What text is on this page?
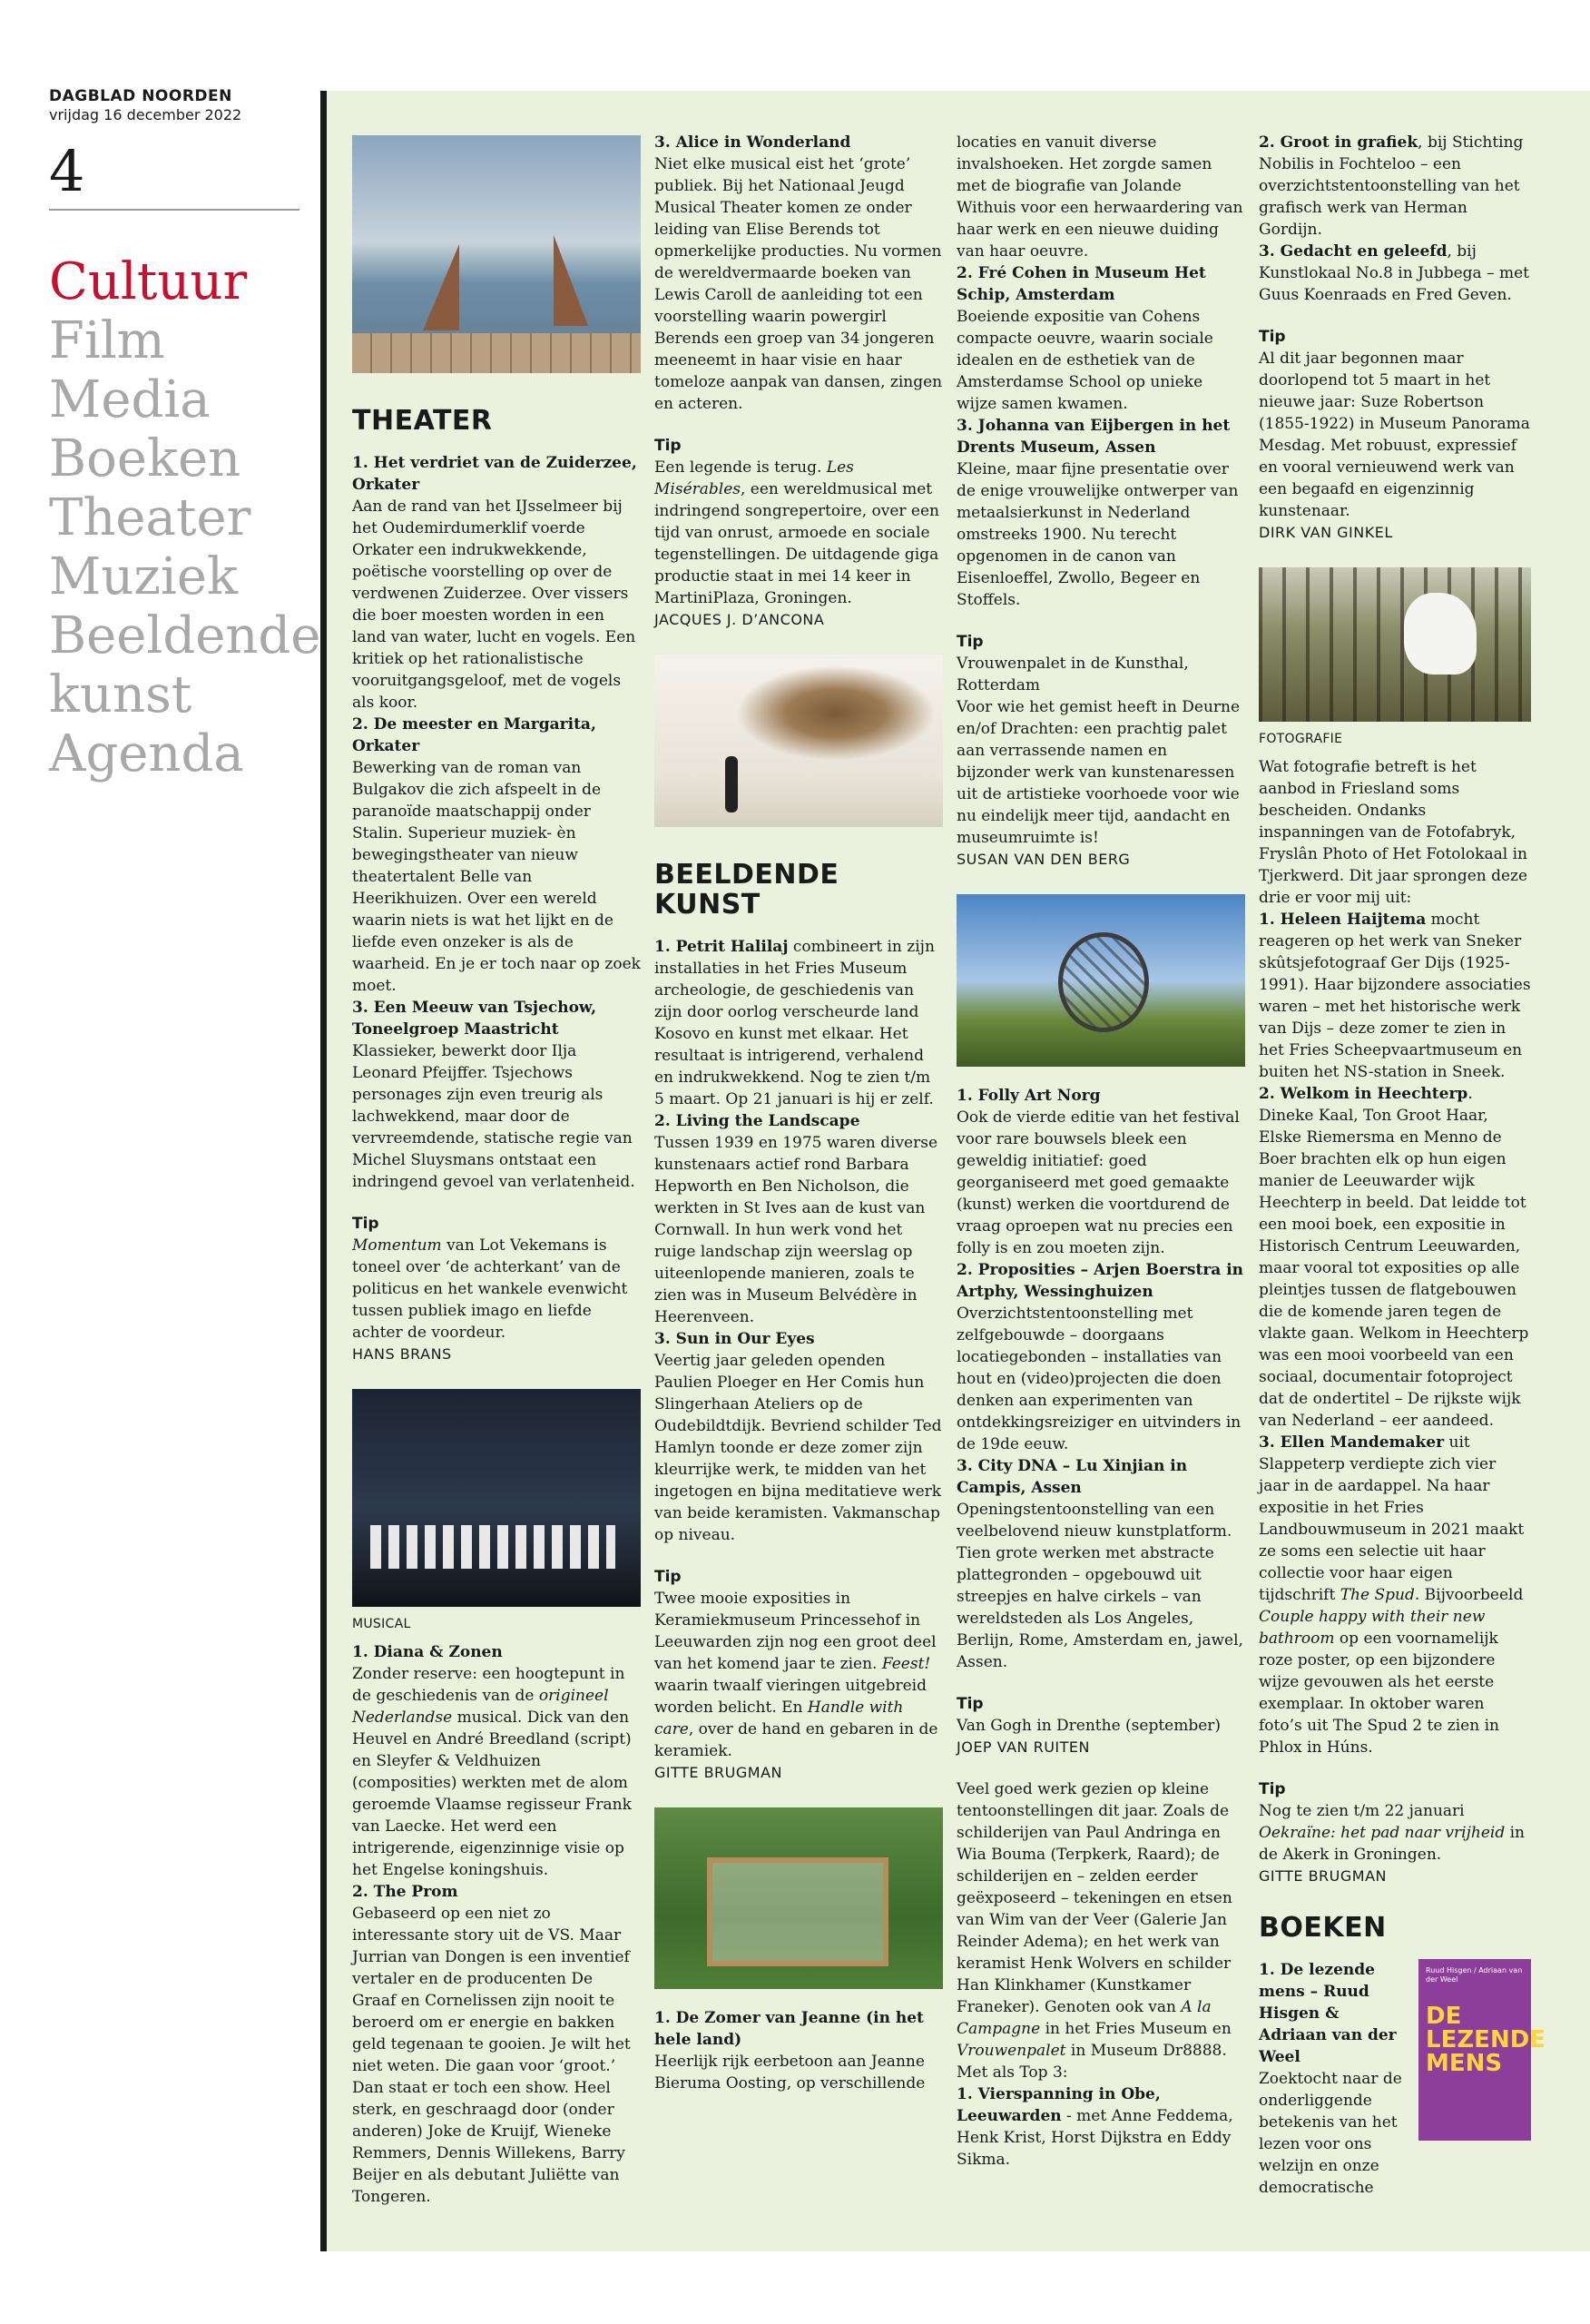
DAGBLAD NOORDEN
vrijdag 16 december 2022
4
Cultuur
Film
Media
Boeken
Theater
Muziek
Beeldende
kunst
Agenda
THEATER

1. Het verdriet van de Zuiderzee, Orkater

Aan de rand van het IJsselmeer bij het Oudemirdumerklif voerde Orkater een indrukwekkende, poëtische voorstelling op over de verdwenen Zuiderzee. Over vissers die boer moesten worden in een land van water, lucht en vogels. Een kritiek op het rationalistische vooruitgangsgeloof, met de vogels als koor.

2. De meester en Margarita, Orkater

Bewerking van de roman van Bulgakov die zich afspeelt in de paranoïde maatschappij onder Stalin. Superieur muziek- èn bewegingstheater van nieuw theatertalent Belle van Heerikhuizen. Over een wereld waarin niets is wat het lijkt en de liefde even onzeker is als de waarheid. En je er toch naar op zoek moet.

3. Een Meeuw van Tsjechow, Toneelgroep Maastricht

Klassieker, bewerkt door Ilja Leonard Pfeijffer. Tsjechows personages zijn even treurig als lachwekkend, maar door de vervreemdende, statische regie van Michel Sluysmans ontstaat een indringend gevoel van verlatenheid.

Tip

Momentum van Lot Vekemans is toneel over ‘de achterkant’ van de politicus en het wankele evenwicht tussen publiek imago en liefde achter de voordeur.

HANS BRANS

MUSICAL

1. Diana & Zonen

Zonder reserve: een hoogtepunt in de geschiedenis van de origineel Nederlandse musical. Dick van den Heuvel en André Breedland (script) en Sleyfer & Veldhuizen (composities) werkten met de alom geroemde Vlaamse regisseur Frank van Laecke. Het werd een intrigerende, eigenzinnige visie op het Engelse koningshuis.

2. The Prom

Gebaseerd op een niet zo interessante story uit de VS. Maar Jurrian van Dongen is een inventief vertaler en de producenten De Graaf en Cornelissen zijn nooit te beroerd om er energie en bakken geld tegenaan te gooien. Je wilt het niet weten. Die gaan voor ‘groot.’ Dan staat er toch een show. Heel sterk, en geschraagd door (onder anderen) Joke de Kruijf, Wieneke Remmers, Dennis Willekens, Barry Beijer en als debutant Juliëtte van Tongeren.

3. Alice in Wonderland

Niet elke musical eist het ‘grote’ publiek. Bij het Nationaal Jeugd Musical Theater komen ze onder leiding van Elise Berends tot opmerkelijke producties. Nu vormen de wereldvermaarde boeken van Lewis Caroll de aanleiding tot een voorstelling waarin powergirl Berends een groep van 34 jongeren meeneemt in haar visie en haar tomeloze aanpak van dansen, zingen en acteren.

Tip

Een legende is terug. Les Misérables, een wereldmusical met indringend songrepertoire, over een tijd van onrust, armoede en sociale tegenstellingen. De uitdagende giga productie staat in mei 14 keer in MartiniPlaza, Groningen.

JACQUES J. D’ANCONA

BEELDENDE KUNST

1. Petrit Halilaj combineert in zijn installaties in het Fries Museum archeologie, de geschiedenis van zijn door oorlog verscheurde land Kosovo en kunst met elkaar. Het resultaat is intrigerend, verhalend en indrukwekkend. Nog te zien t/m 5 maart. Op 21 januari is hij er zelf.

2. Living the Landscape

Tussen 1939 en 1975 waren diverse kunstenaars actief rond Barbara Hepworth en Ben Nicholson, die werkten in St Ives aan de kust van Cornwall. In hun werk vond het ruige landschap zijn weerslag op uiteenlopende manieren, zoals te zien was in Museum Belvédère in Heerenveen.

3. Sun in Our Eyes

Veertig jaar geleden openden Paulien Ploeger en Her Comis hun Slingerhaan Ateliers op de Oudebildtdijk. Bevriend schilder Ted Hamlyn toonde er deze zomer zijn kleurrijke werk, te midden van het ingetogen en bijna meditatieve werk van beide keramisten. Vakmanschap op niveau.

Tip

Twee mooie exposities in Keramiekmuseum Princessehof in Leeuwarden zijn nog een groot deel van het komend jaar te zien. Feest! waarin twaalf vieringen uitgebreid worden belicht. En Handle with care, over de hand en gebaren in de keramiek.

GITTE BRUGMAN

1. De Zomer van Jeanne (in het hele land)

Heerlijk rijk eerbetoon aan Jeanne Bieruma Oosting, op verschillende

locaties en vanuit diverse invalshoeken. Het zorgde samen met de biografie van Jolande Withuis voor een herwaardering van haar werk en een nieuwe duiding van haar oeuvre.

2. Fré Cohen in Museum Het Schip, Amsterdam

Boeiende expositie van Cohens compacte oeuvre, waarin sociale idealen en de esthetiek van de Amsterdamse School op unieke wijze samen kwamen.

3. Johanna van Eijbergen in het Drents Museum, Assen

Kleine, maar fijne presentatie over de enige vrouwelijke ontwerper van metaalsierkunst in Nederland omstreeks 1900. Nu terecht opgenomen in de canon van Eisenloeffel, Zwollo, Begeer en Stoffels.

Tip

Vrouwenpalet in de Kunsthal, Rotterdam
Voor wie het gemist heeft in Deurne en/of Drachten: een prachtig palet aan verrassende namen en bijzonder werk van kunstenaressen uit de artistieke voorhoede voor wie nu eindelijk meer tijd, aandacht en museumruimte is!

SUSAN VAN DEN BERG

1. Folly Art Norg

Ook de vierde editie van het festival voor rare bouwsels bleek een geweldig initiatief: goed georganiseerd met goed gemaakte (kunst) werken die voortdurend de vraag oproepen wat nu precies een folly is en zou moeten zijn.

2. Proposities – Arjen Boerstra in Artphy, Wessinghuizen

Overzichtstentoonstelling met zelfgebouwde – doorgaans locatiegebonden – installaties van hout en (video)projecten die doen denken aan experimenten van ontdekkingsreiziger en uitvinders in de 19de eeuw.

3. City DNA – Lu Xinjian in Campis, Assen

Openingstentoonstelling van een veelbelovend nieuw kunstplatform. Tien grote werken met abstracte plattegronden – opgebouwd uit streepjes en halve cirkels – van wereldsteden als Los Angeles, Berlijn, Rome, Amsterdam en, jawel, Assen.

Tip

Van Gogh in Drenthe (september)

JOEP VAN RUITEN

Veel goed werk gezien op kleine tentoonstellingen dit jaar. Zoals de schilderijen van Paul Andringa en Wia Bouma (Terpkerk, Raard); de schilderijen en – zelden eerder geëxposeerd – tekeningen en etsen van Wim van der Veer (Galerie Jan Reinder Adema); en het werk van keramist Henk Wolvers en schilder Han Klinkhamer (Kunstkamer Franeker). Genoten ook van A la Campagne in het Fries Museum en Vrouwenpalet in Museum Dr8888. Met als Top 3:

1. Vierspanning in Obe, Leeuwarden - met Anne Feddema, Henk Krist, Horst Dijkstra en Eddy Sikma.

2. Groot in grafiek, bij Stichting Nobilis in Fochteloo – een overzichtstentoonstelling van het grafisch werk van Herman Gordijn.

3. Gedacht en geleefd, bij Kunstlokaal No.8 in Jubbega – met Guus Koenraads en Fred Geven.

Tip

Al dit jaar begonnen maar doorlopend tot 5 maart in het nieuwe jaar: Suze Robertson (1855-1922) in Museum Panorama Mesdag. Met robuust, expressief en vooral vernieuwend werk van een begaafd en eigenzinnig kunstenaar.

DIRK VAN GINKEL

FOTOGRAFIE

Wat fotografie betreft is het aanbod in Friesland soms bescheiden. Ondanks inspanningen van de Fotofabryk, Fryslân Photo of Het Fotolokaal in Tjerkwerd. Dit jaar sprongen deze drie er voor mij uit:

1. Heleen Haijtema mocht reageren op het werk van Sneker skûtsjefotograaf Ger Dijs (1925-1991). Haar bijzondere associaties waren – met het historische werk van Dijs – deze zomer te zien in het Fries Scheepvaartmuseum en buiten het NS-station in Sneek.

2. Welkom in Heechterp. Dineke Kaal, Ton Groot Haar, Elske Riemersma en Menno de Boer brachten elk op hun eigen manier de Leeuwarder wijk Heechterp in beeld. Dat leidde tot een mooi boek, een expositie in Historisch Centrum Leeuwarden, maar vooral tot exposities op alle pleintjes tussen de flatgebouwen die de komende jaren tegen de vlakte gaan. Welkom in Heechterp was een mooi voorbeeld van een sociaal, documentair fotoproject dat de ondertitel – De rijkste wijk van Nederland – eer aandeed.

3. Ellen Mandemaker uit Slappeterp verdiepte zich vier jaar in de aardappel. Na haar expositie in het Fries Landbouwmuseum in 2021 maakt ze soms een selectie uit haar collectie voor haar eigen tijdschrift The Spud. Bijvoorbeeld Couple happy with their new bathroom op een voornamelijk roze poster, op een bijzondere wijze gevouwen als het eerste exemplaar. In oktober waren foto’s uit The Spud 2 te zien in Phlox in Húns.

Tip

Nog te zien t/m 22 januari Oekraïne: het pad naar vrijheid in de Akerk in Groningen.

GITTE BRUGMAN

BOEKEN

1. De lezende mens – Ruud Hisgen & Adriaan van der Weel

Zoektocht naar de onderliggende betekenis van het lezen voor ons welzijn en onze democratische

Ruud Hisgen / Adriaan van der Weel
DE LEZENDE MENS
